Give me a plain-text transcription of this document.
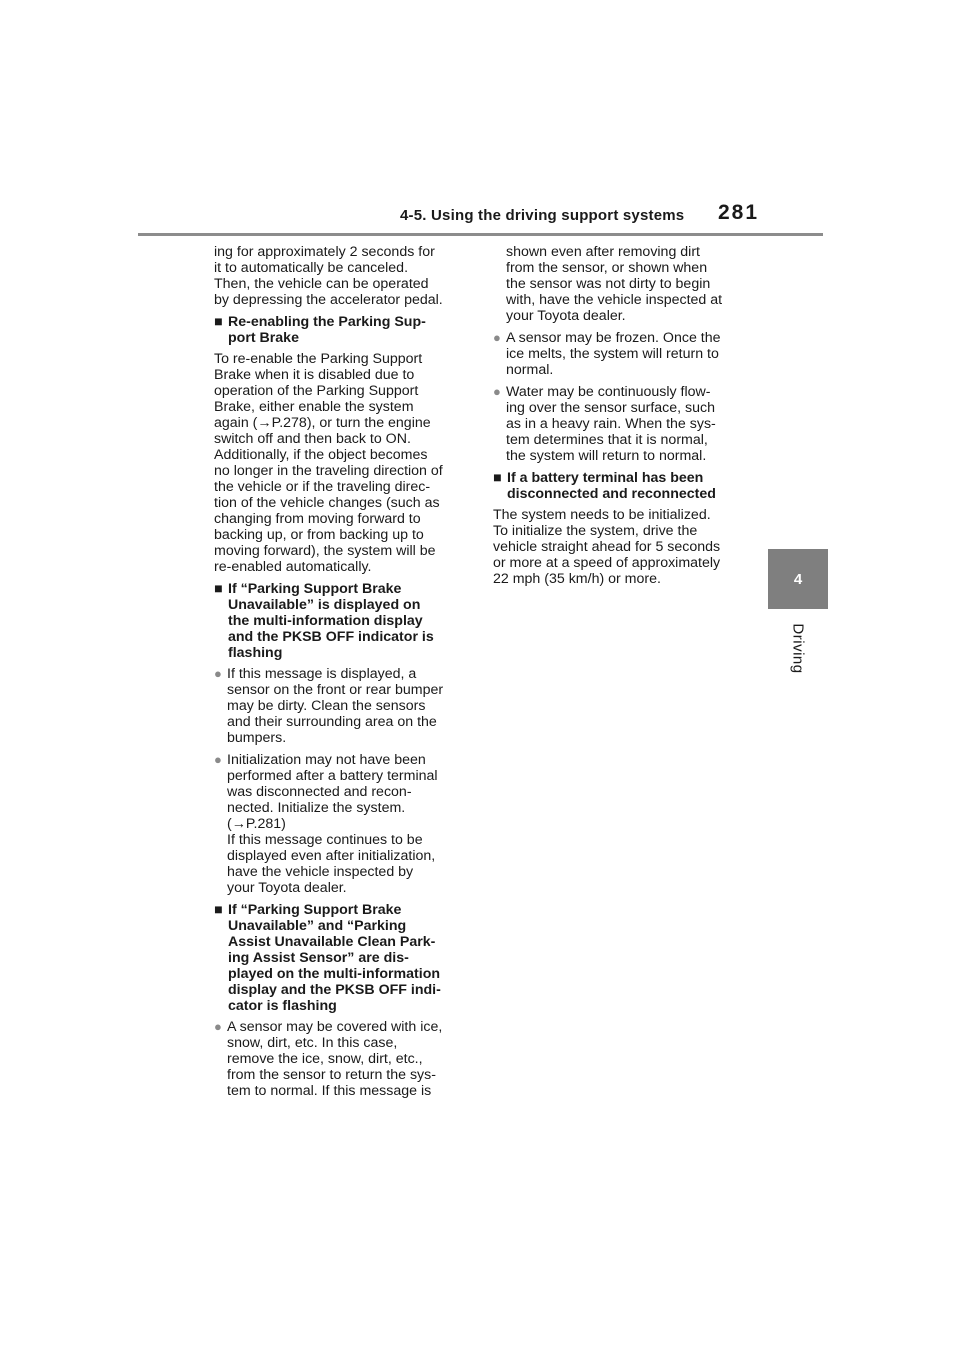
4-5. Using the driving support systems 281
4
Driving

ing for approximately 2 seconds for
it to automatically be canceled.
Then, the vehicle can be operated
by depressing the accelerator pedal.

■ Re-enabling the Parking Sup-
port Brake

To re-enable the Parking Support
Brake when it is disabled due to
operation of the Parking Support
Brake, either enable the system
again (→P.278), or turn the engine
switch off and then back to ON.
Additionally, if the object becomes
no longer in the traveling direction of
the vehicle or if the traveling direc-
tion of the vehicle changes (such as
changing from moving forward to
backing up, or from backing up to
moving forward), the system will be
re-enabled automatically.

■ If “Parking Support Brake
Unavailable” is displayed on
the multi-information display
and the PKSB OFF indicator is
flashing
● If this message is displayed, a
sensor on the front or rear bumper
may be dirty. Clean the sensors
and their surrounding area on the
bumpers.
● Initialization may not have been
performed after a battery terminal
was disconnected and recon-
nected. Initialize the system.
(→P.281)
If this message continues to be
displayed even after initialization,
have the vehicle inspected by
your Toyota dealer.
■ If “Parking Support Brake
Unavailable” and “Parking
Assist Unavailable Clean Park-
ing Assist Sensor” are dis-
played on the multi-information
display and the PKSB OFF indi-
cator is flashing
● A sensor may be covered with ice,
snow, dirt, etc. In this case,
remove the ice, snow, dirt, etc.,
from the sensor to return the sys-
tem to normal. If this message is
shown even after removing dirt
from the sensor, or shown when
the sensor was not dirty to begin
with, have the vehicle inspected at
your Toyota dealer.
● A sensor may be frozen. Once the
ice melts, the system will return to
normal.
● Water may be continuously flow-
ing over the sensor surface, such
as in a heavy rain. When the sys-
tem determines that it is normal,
the system will return to normal.
■ If a battery terminal has been
disconnected and reconnected

The system needs to be initialized.
To initialize the system, drive the
vehicle straight ahead for 5 seconds
or more at a speed of approximately
22 mph (35 km/h) or more.
